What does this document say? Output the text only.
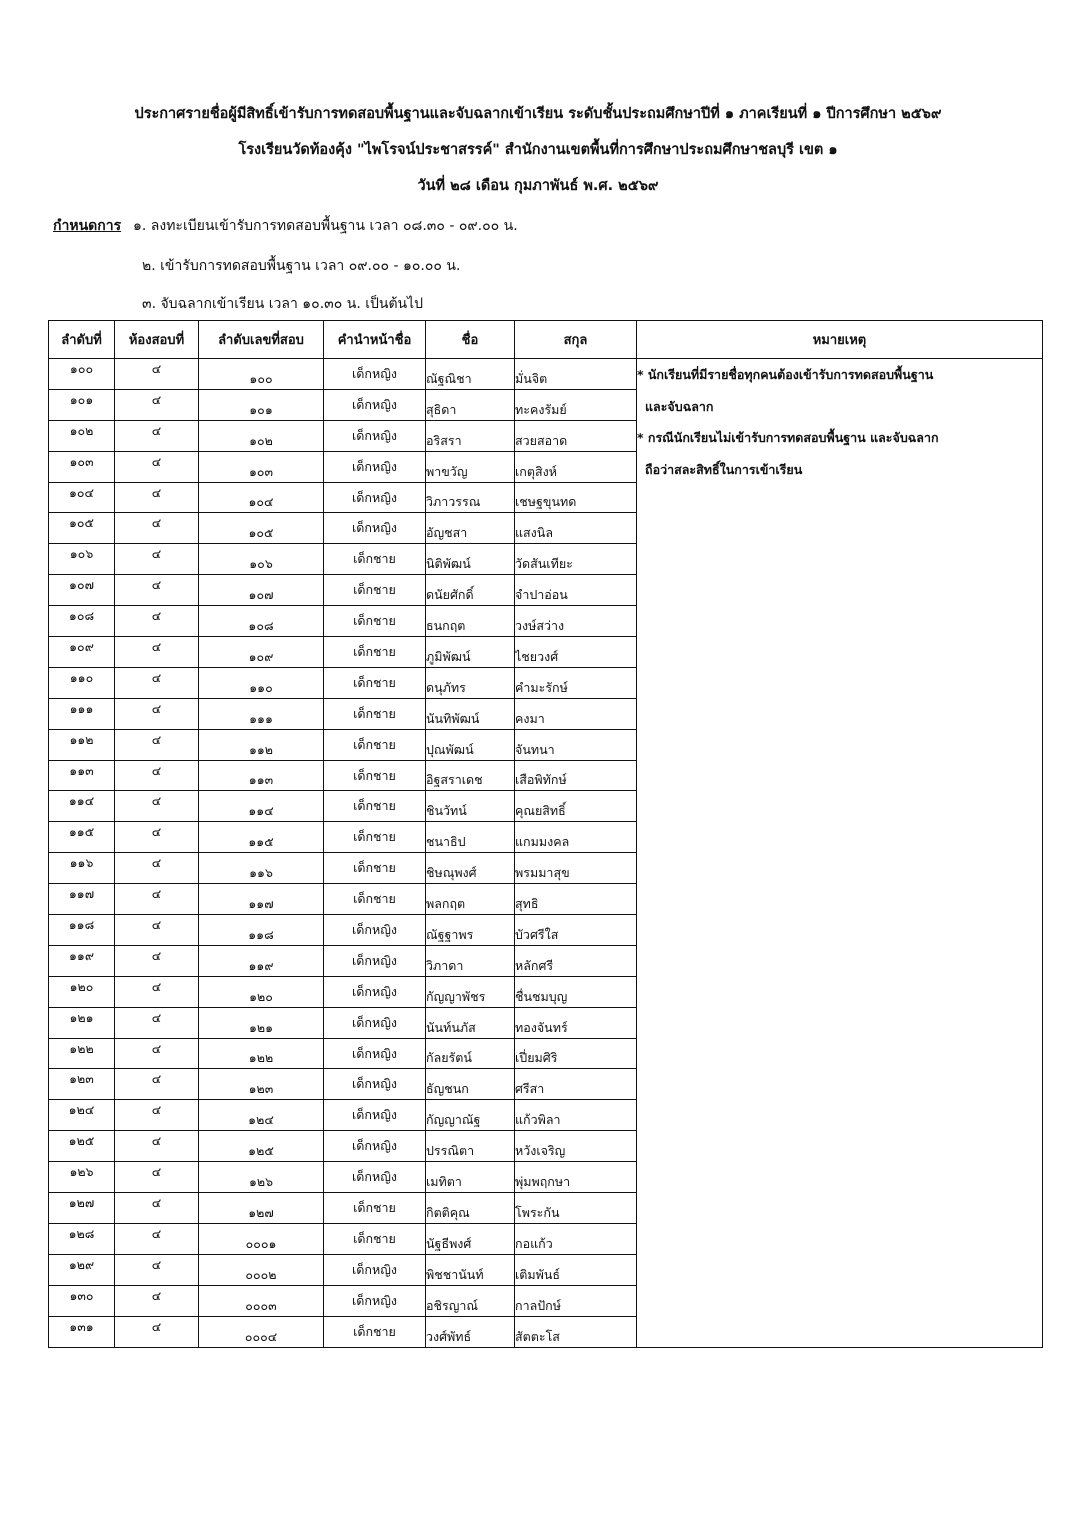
ประกาศรายชื่อผู้มีสิทธิ์เข้ารับการทดสอบพื้นฐานและจับฉลากเข้าเรียน ระดับชั้นประถมศึกษาปีที่ ๑ ภาคเรียนที่ ๑ ปีการศึกษา ๒๕๖๙
โรงเรียนวัดท้องคุ้ง "ไพโรจน์ประชาสรรค์" สำนักงานเขตพื้นที่การศึกษาประถมศึกษาชลบุรี เขต ๑
วันที่ ๒๘ เดือน กุมภาพันธ์ พ.ศ. ๒๕๖๙
กำหนดการ ๑. ลงทะเบียนเข้ารับการทดสอบพื้นฐาน เวลา ๐๘.๓๐ - ๐๙.๐๐ น.
๒. เข้ารับการทดสอบพื้นฐาน เวลา ๐๙.๐๐ - ๑๐.๐๐ น.
๓. จับฉลากเข้าเรียน เวลา ๑๐.๓๐ น. เป็นต้นไป
ลำดับที่	ห้องสอบที่	ลำดับเลขที่สอบ	คำนำหน้าชื่อ	ชื่อ	สกุล	หมายเหตุ
๑๐๐	๔	๑๐๐	เด็กหญิง	ณัฐณิชา	มั่นจิต	* นักเรียนที่มีรายชื่อทุกคนต้องเข้ารับการทดสอบพื้นฐาน
และจับฉลาก
* กรณีนักเรียนไม่เข้ารับการทดสอบพื้นฐาน และจับฉลาก
ถือว่าสละสิทธิ์ในการเข้าเรียน

๑๐๑	๔	๑๐๑	เด็กหญิง	สุธิดา	ทะคงรัมย์	
๑๐๒	๔	๑๐๒	เด็กหญิง	อริสรา	สวยสอาด	
๑๐๓	๔	๑๐๓	เด็กหญิง	พาขวัญ	เกตุสิงห์	
๑๐๔	๔	๑๐๔	เด็กหญิง	วิภาวรรณ	เชษฐขุนทด	
๑๐๕	๔	๑๐๕	เด็กหญิง	อัญชสา	แสงนิล	
๑๐๖	๔	๑๐๖	เด็กชาย	นิติพัฒน์	วัดสันเทียะ	
๑๐๗	๔	๑๐๗	เด็กชาย	ดนัยศักดิ์	จำปาอ่อน	
๑๐๘	๔	๑๐๘	เด็กชาย	ธนกฤต	วงษ์สว่าง	
๑๐๙	๔	๑๐๙	เด็กชาย	ภูมิพัฒน์	ไชยวงศ์	
๑๑๐	๔	๑๑๐	เด็กชาย	ดนุภัทร	คำมะรักษ์	
๑๑๑	๔	๑๑๑	เด็กชาย	นันทิพัฒน์	คงมา	
๑๑๒	๔	๑๑๒	เด็กชาย	ปุณพัฒน์	จันทนา	
๑๑๓	๔	๑๑๓	เด็กชาย	อิฐสราเดช	เสือพิทักษ์	
๑๑๔	๔	๑๑๔	เด็กชาย	ชินวัทน์	คุณยสิทธิ์	
๑๑๕	๔	๑๑๕	เด็กชาย	ชนาธิป	แกมมงคล	
๑๑๖	๔	๑๑๖	เด็กชาย	ชิษณุพงศ์	พรมมาสุข	
๑๑๗	๔	๑๑๗	เด็กชาย	พลกฤต	สุทธิ	
๑๑๘	๔	๑๑๘	เด็กหญิง	ณัฐฐาพร	บัวศรีใส	
๑๑๙	๔	๑๑๙	เด็กหญิง	วิภาดา	หลักศรี	
๑๒๐	๔	๑๒๐	เด็กหญิง	กัญญาพัชร	ชื่นชมบุญ	
๑๒๑	๔	๑๒๑	เด็กหญิง	นันท์นภัส	ทองจันทร์	
๑๒๒	๔	๑๒๒	เด็กหญิง	กัลยรัตน์	เปี่ยมศิริ	
๑๒๓	๔	๑๒๓	เด็กหญิง	ธัญชนก	ศรีสา	
๑๒๔	๔	๑๒๔	เด็กหญิง	กัญญาณัฐ	แก้วพิลา	
๑๒๕	๔	๑๒๕	เด็กหญิง	ปรรณิตา	หวังเจริญ	
๑๒๖	๔	๑๒๖	เด็กหญิง	เมทิตา	พุ่มพฤกษา	
๑๒๗	๔	๑๒๗	เด็กชาย	กิตติคุณ	โพระกัน	
๑๒๘	๔	๐๐๐๑	เด็กชาย	นัฐธีพงศ์	กอแก้ว	
๑๒๙	๔	๐๐๐๒	เด็กหญิง	พิชชานันท์	เติมพันธ์	
๑๓๐	๔	๐๐๐๓	เด็กหญิง	อชิรญาณ์	กาลปักษ์	
๑๓๑	๔	๐๐๐๔	เด็กชาย	วงศ์พัทธ์	สัตตะโส	
